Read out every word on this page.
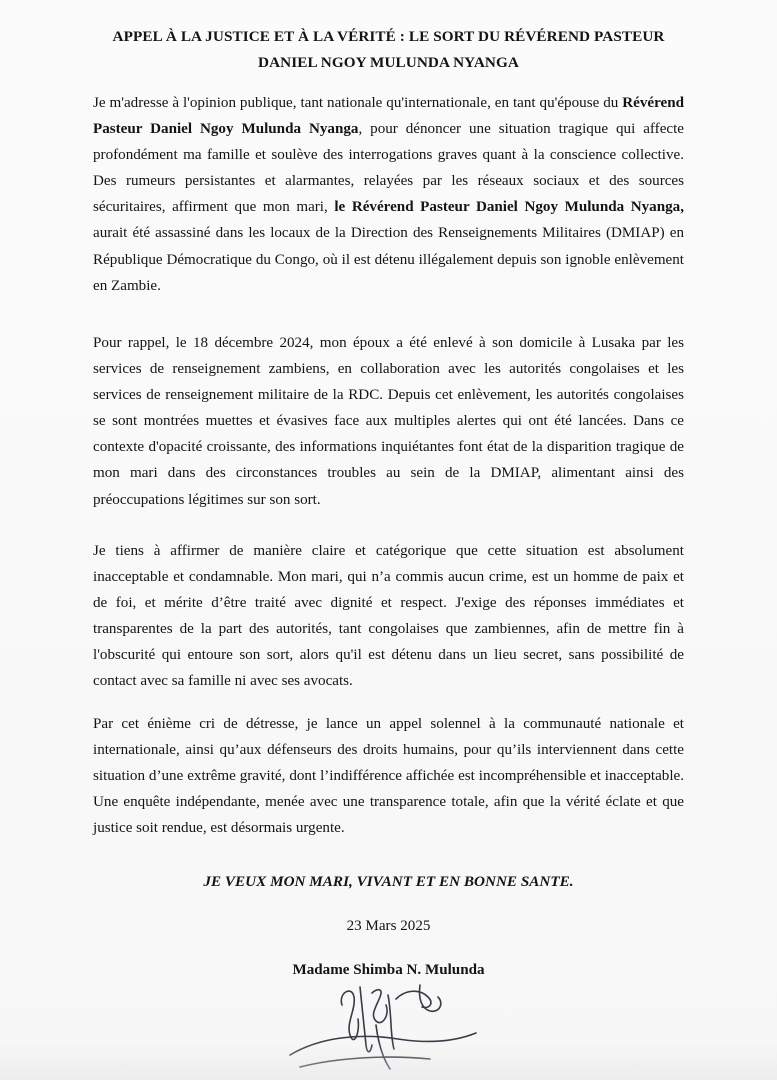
APPEL À LA JUSTICE ET À LA VÉRITÉ : LE SORT DU RÉVÉREND PASTEUR
DANIEL NGOY MULUNDA NYANGA

Je m'adresse à l'opinion publique, tant nationale qu'internationale, en tant qu'épouse du Révérend Pasteur Daniel Ngoy Mulunda Nyanga, pour dénoncer une situation tragique qui affecte profondément ma famille et soulève des interrogations graves quant à la conscience collective. Des rumeurs persistantes et alarmantes, relayées par les réseaux sociaux et des sources sécuritaires, affirment que mon mari, le Révérend Pasteur Daniel Ngoy Mulunda Nyanga, aurait été assassiné dans les locaux de la Direction des Renseignements Militaires (DMIAP) en République Démocratique du Congo, où il est détenu illégalement depuis son ignoble enlèvement en Zambie.

Pour rappel, le 18 décembre 2024, mon époux a été enlevé à son domicile à Lusaka par les services de renseignement zambiens, en collaboration avec les autorités congolaises et les services de renseignement militaire de la RDC. Depuis cet enlèvement, les autorités congolaises se sont montrées muettes et évasives face aux multiples alertes qui ont été lancées. Dans ce contexte d'opacité croissante, des informations inquiétantes font état de la disparition tragique de mon mari dans des circonstances troubles au sein de la DMIAP, alimentant ainsi des préoccupations légitimes sur son sort.

Je tiens à affirmer de manière claire et catégorique que cette situation est absolument inacceptable et condamnable. Mon mari, qui n’a commis aucun crime, est un homme de paix et de foi, et mérite d’être traité avec dignité et respect. J'exige des réponses immédiates et transparentes de la part des autorités, tant congolaises que zambiennes, afin de mettre fin à l'obscurité qui entoure son sort, alors qu'il est détenu dans un lieu secret, sans possibilité de contact avec sa famille ni avec ses avocats.

Par cet énième cri de détresse, je lance un appel solennel à la communauté nationale et internationale, ainsi qu’aux défenseurs des droits humains, pour qu’ils interviennent dans cette situation d’une extrême gravité, dont l’indifférence affichée est incompréhensible et inacceptable. Une enquête indépendante, menée avec une transparence totale, afin que la vérité éclate et que justice soit rendue, est désormais urgente.

JE VEUX MON MARI, VIVANT ET EN BONNE SANTE.
23 Mars 2025
Madame Shimba N. Mulunda
